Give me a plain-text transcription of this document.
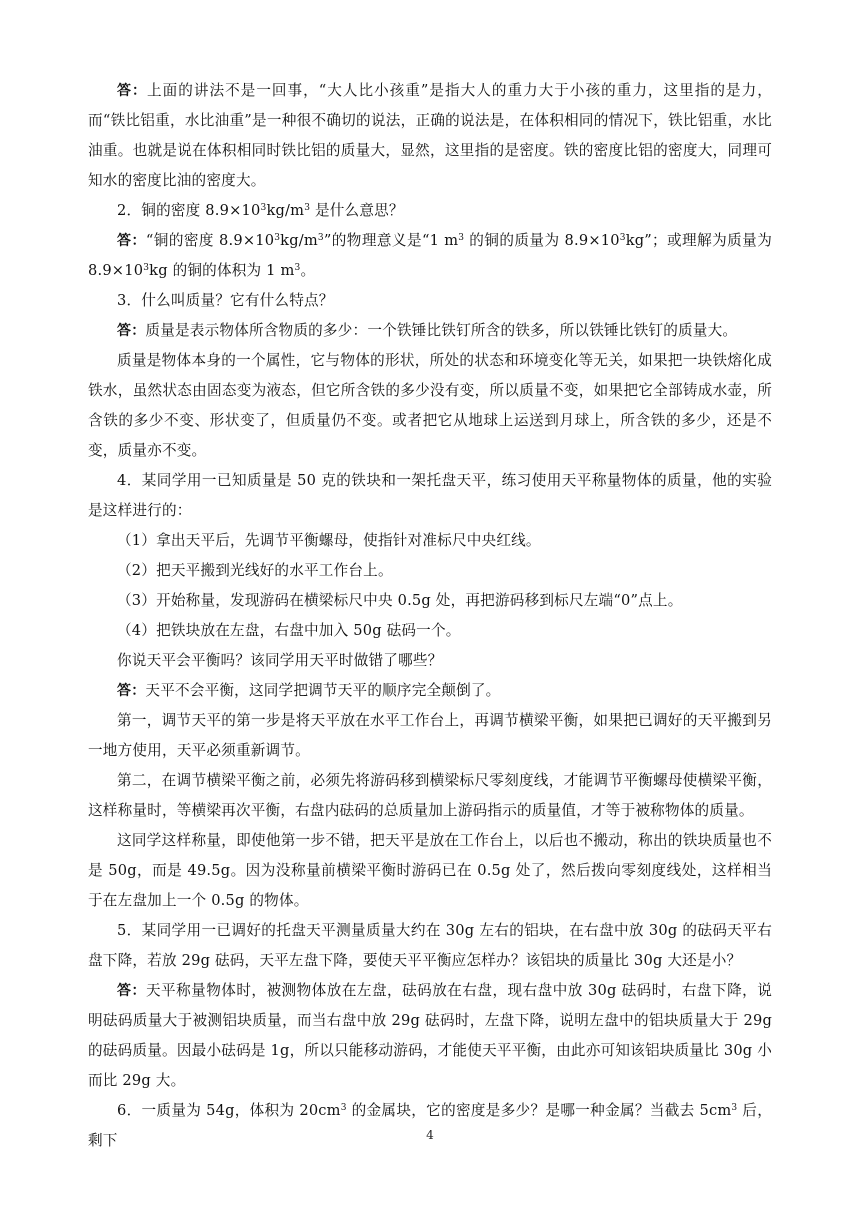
答：上面的讲法不是一回事，“大人比小孩重”是指大人的重力大于小孩的重力，这里指的是力，而“铁比铝重，水比油重”是一种很不确切的说法，正确的说法是，在体积相同的情况下，铁比铝重，水比油重。也就是说在体积相同时铁比铝的质量大，显然，这里指的是密度。铁的密度比铝的密度大，同理可知水的密度比油的密度大。

2．铜的密度 $8.9\times 10^3kg/m^3$ 是什么意思？

答：“铜的密度 $8.9\times 10^3kg/m^3$”的物理意义是“1 $m^3$ 的铜的质量为 $8.9\times 10^3kg$”；或理解为质量为 $8.9\times 10^3kg$ 的铜的体积为 1 $m^3$。

3．什么叫质量？它有什么特点？

答：质量是表示物体所含物质的多少：一个铁锤比铁钉所含的铁多，所以铁锤比铁钉的质量大。

质量是物体本身的一个属性，它与物体的形状，所处的状态和环境变化等无关，如果把一块铁熔化成铁水，虽然状态由固态变为液态，但它所含铁的多少没有变，所以质量不变，如果把它全部铸成水壶，所含铁的多少不变、形状变了，但质量仍不变。或者把它从地球上运送到月球上，所含铁的多少，还是不变，质量亦不变。

4．某同学用一已知质量是 50 克的铁块和一架托盘天平，练习使用天平称量物体的质量，他的实验是这样进行的：

（1）拿出天平后，先调节平衡螺母，使指针对准标尺中央红线。

（2）把天平搬到光线好的水平工作台上。

（3）开始称量，发现游码在横梁标尺中央 0.5g 处，再把游码移到标尺左端“0”点上。

（4）把铁块放在左盘，右盘中加入 50g 砝码一个。

你说天平会平衡吗？该同学用天平时做错了哪些？

答：天平不会平衡，这同学把调节天平的顺序完全颠倒了。

第一，调节天平的第一步是将天平放在水平工作台上，再调节横梁平衡，如果把已调好的天平搬到另一地方使用，天平必须重新调节。

第二，在调节横梁平衡之前，必须先将游码移到横梁标尺零刻度线，才能调节平衡螺母使横梁平衡，这样称量时，等横梁再次平衡，右盘内砝码的总质量加上游码指示的质量值，才等于被称物体的质量。

这同学这样称量，即使他第一步不错，把天平是放在工作台上，以后也不搬动，称出的铁块质量也不是 50g，而是 49.5g。因为没称量前横梁平衡时游码已在 0.5g 处了，然后拨向零刻度线处，这样相当于在左盘加上一个 0.5g 的物体。

5．某同学用一已调好的托盘天平测量质量大约在 30g 左右的铝块，在右盘中放 30g 的砝码天平右盘下降，若放 29g 砝码，天平左盘下降，要使天平平衡应怎样办？该铝块的质量比 30g 大还是小？

答：天平称量物体时，被测物体放在左盘，砝码放在右盘，现右盘中放 30g 砝码时，右盘下降，说明砝码质量大于被测铝块质量，而当右盘中放 29g 砝码时，左盘下降，说明左盘中的铝块质量大于 29g 的砝码质量。因最小砝码是 1g，所以只能移动游码，才能使天平平衡，由此亦可知该铝块质量比 30g 小而比 29g 大。

6．一质量为 54g，体积为 $20cm^3$ 的金属块，它的密度是多少？是哪一种金属？当截去 $5cm^3$ 后，剩下	4
